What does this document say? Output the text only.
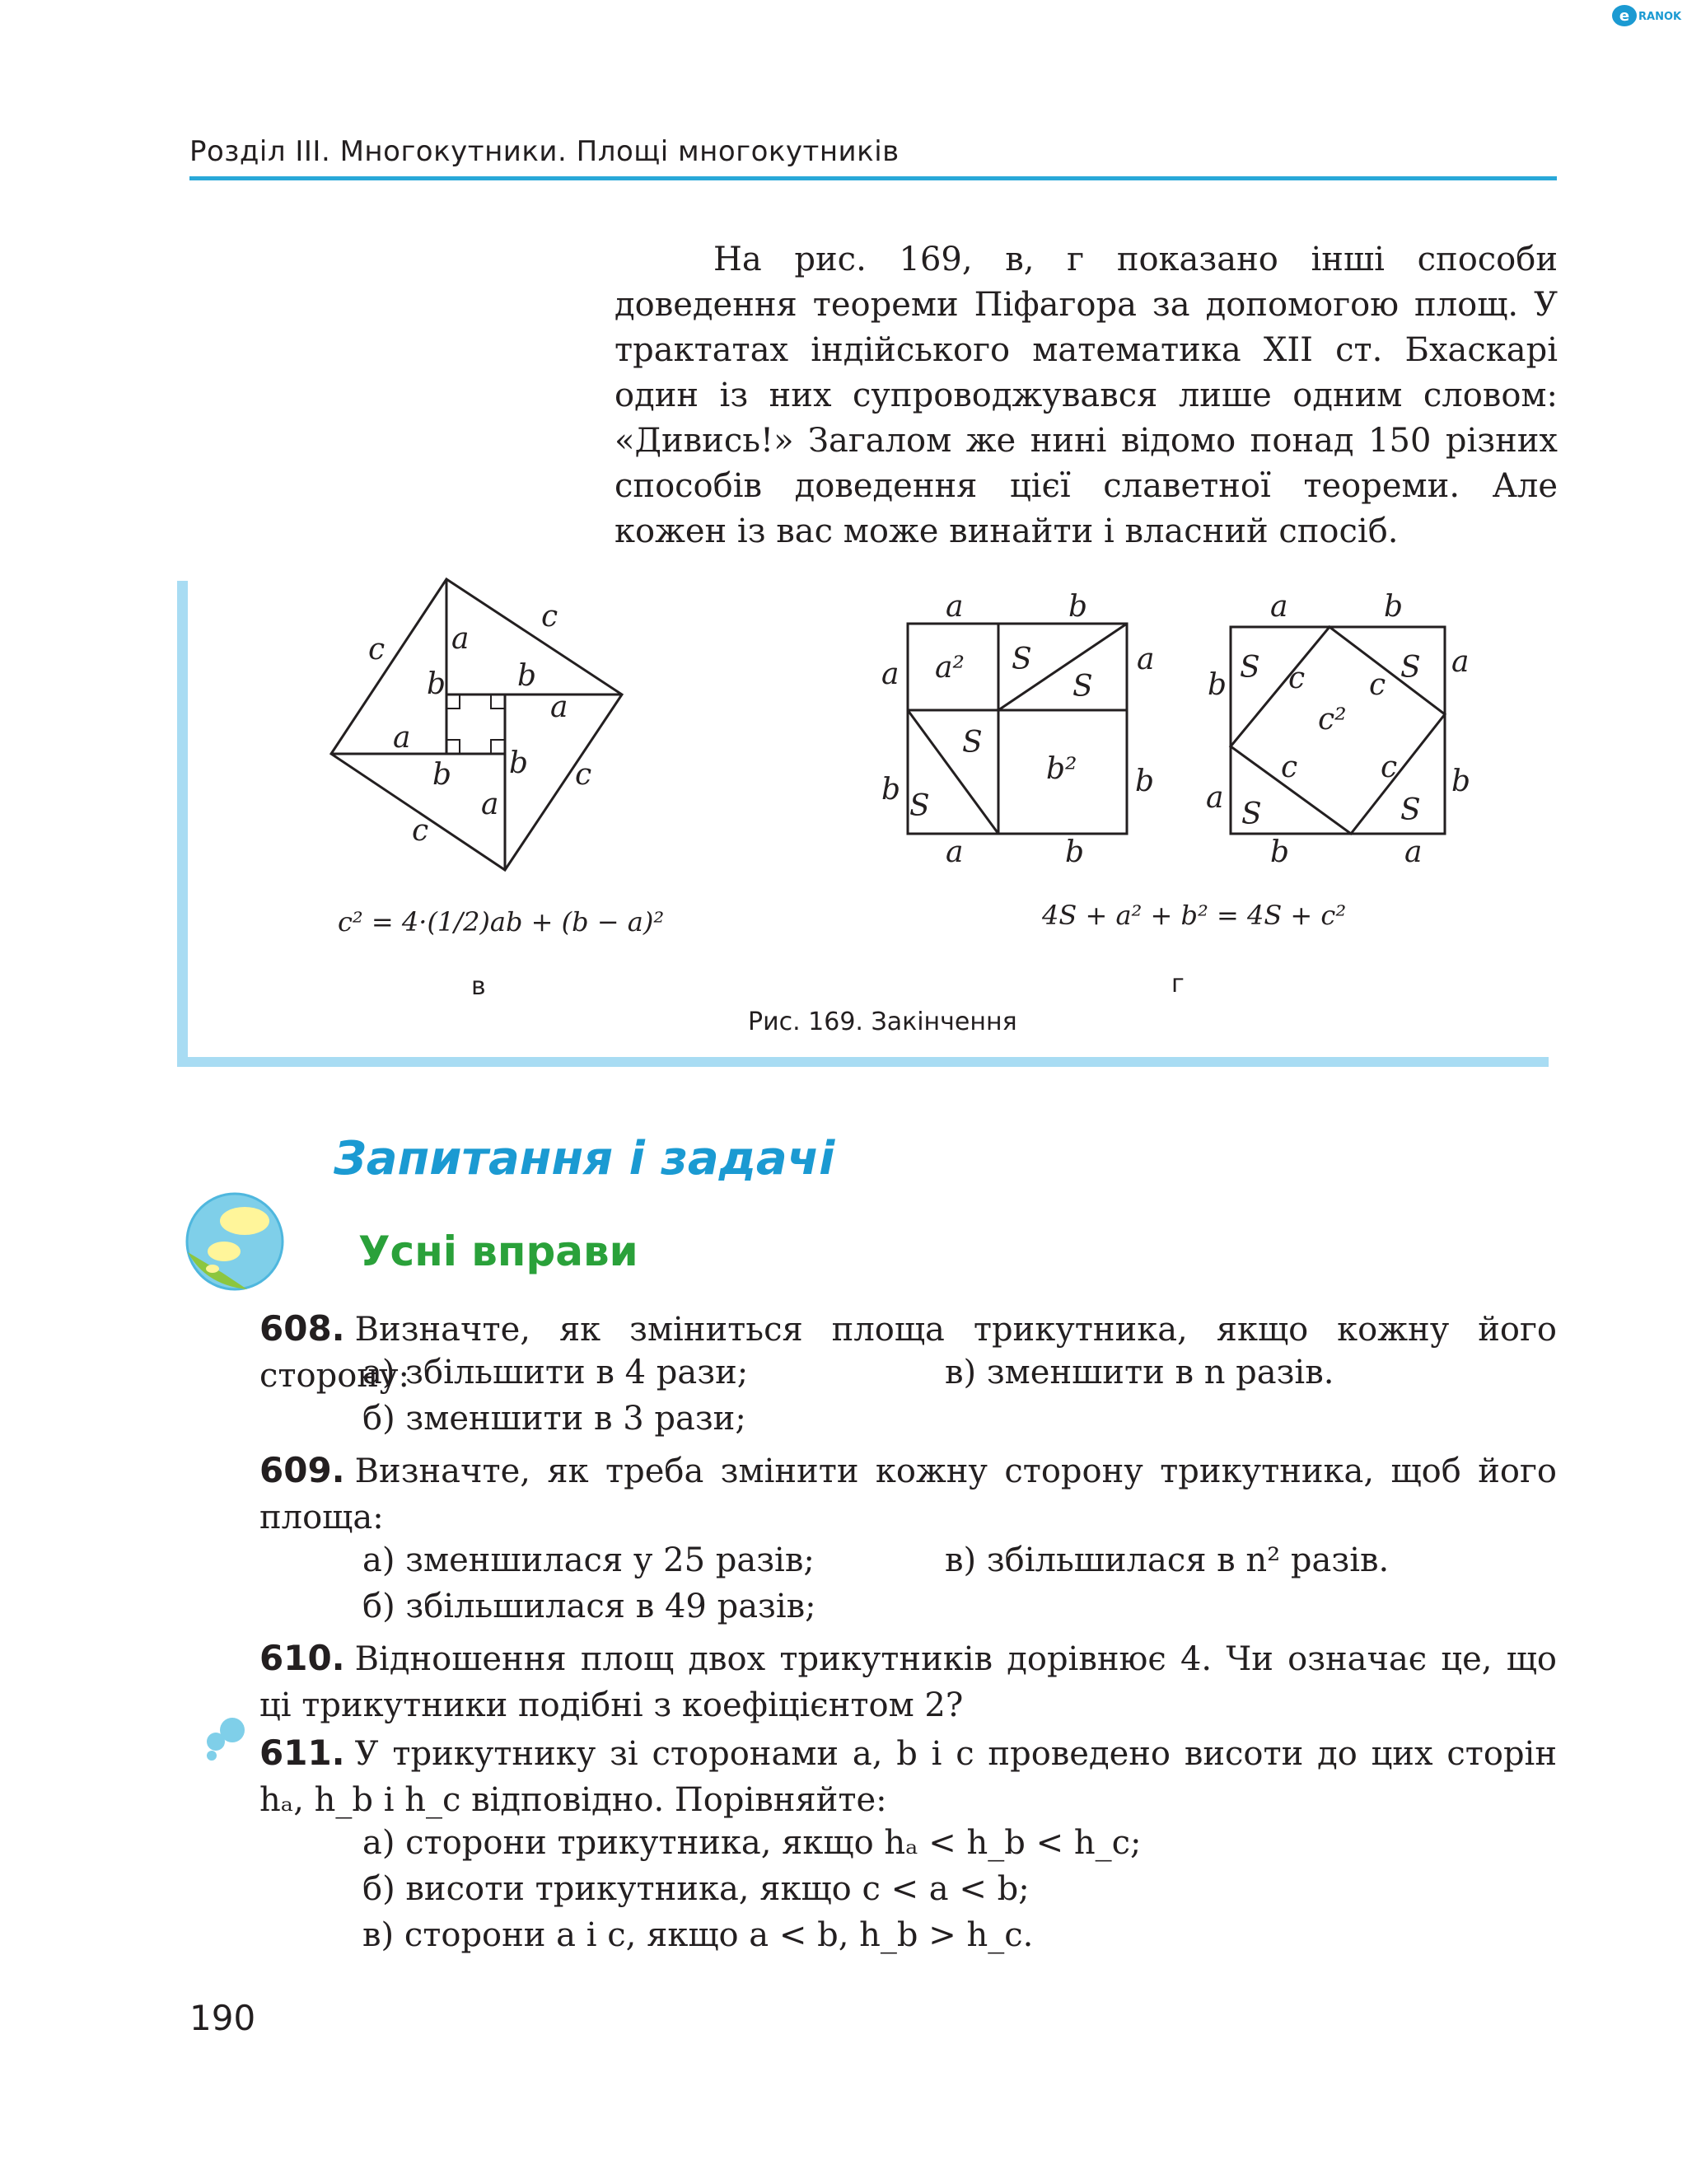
Розділ III. Многокутники. Площі многокутників
e RANOK

На рис. 169, в, г показано інші способи доведення теореми Піфагора за допомогою площ. У трактатах індійського математика XII ст. Бхаскарі один із них супроводжувався лише одним словом: «Дивись!» Загалом же нині відомо понад 150 різних способів доведення цієї славетної теореми. Але кожен із вас може винайти і власний спосіб.

c a
c
b b
a
a
b b c
a
c
c² = 4·(1/2)ab + (b − a)²
в
a	b
a a² S
S
a
S
b
b²
S
b
a	b
a	b
b
S c c
S a
c²
c	c
a S	S
b
b	a
4S + a² + b² = 4S + c²
г
Рис. 169. Закінчення
Запитання і задачі
Усні вправи
608. Визначте, як зміниться площа трикутника, якщо кожну його сторону:
а) збільшити в 4 рази;	в) зменшити в n разів.
б) зменшити в 3 рази;
609. Визначте, як треба змінити кожну сторону трикутника, щоб його площа:
а) зменшилася у 25 разів;	в) збільшилася в n² разів.
б) збільшилася в 49 разів;
610. Відношення площ двох трикутників дорівнює 4. Чи означає це, що ці трикутники подібні з коефіцієнтом 2?
611. У трикутнику зі сторонами a, b і c проведено висоти до цих сторін hₐ, h_b і h_c відповідно. Порівняйте:
а) сторони трикутника, якщо hₐ < h_b < h_c;
б) висоти трикутника, якщо c < a < b;
в) сторони a і c, якщо a < b, h_b > h_c.
190
